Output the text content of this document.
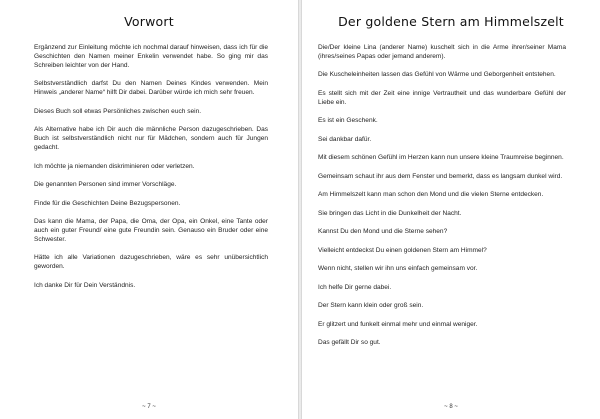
Vorwort

Ergänzend zur Einleitung möchte ich nochmal darauf hinweisen, dass ich für die Geschichten den Namen meiner Enkelin verwendet habe. So ging mir das Schreiben leichter von der Hand.

Selbstverständlich darfst Du den Namen Deines Kindes verwenden. Mein Hinweis „anderer Name“ hilft Dir dabei. Darüber würde ich mich sehr freuen.

Dieses Buch soll etwas Persönliches zwischen euch sein.

Als Alternative habe ich Dir auch die männliche Person dazugeschrieben. Das Buch ist selbstverständlich nicht nur für Mädchen, sondern auch für Jungen gedacht.

Ich möchte ja niemanden diskriminieren oder verletzen.

Die genannten Personen sind immer Vorschläge.

Finde für die Geschichten Deine Bezugspersonen.

Das kann die Mama, der Papa, die Oma, der Opa, ein Onkel, eine Tante oder auch ein guter Freund/ eine gute Freundin sein. Genauso ein Bruder oder eine Schwester.

Hätte ich alle Variationen dazugeschrieben, wäre es sehr unübersichtlich geworden.

Ich danke Dir für Dein Verständnis.

~ 7 ~
Der goldene Stern am Himmelszelt

Die/Der kleine Lina (anderer Name) kuschelt sich in die Arme ihrer/seiner Mama (ihres/seines Papas oder jemand anderem).

Die Kuscheleinheiten lassen das Gefühl von Wärme und Geborgenheit entstehen.

Es stellt sich mit der Zeit eine innige Vertrautheit und das wunderbare Gefühl der Liebe ein.

Es ist ein Geschenk.

Sei dankbar dafür.

Mit diesem schönen Gefühl im Herzen kann nun unsere kleine Traumreise beginnen.

Gemeinsam schaut ihr aus dem Fenster und bemerkt, dass es langsam dunkel wird.

Am Himmelszelt kann man schon den Mond und die vielen Sterne entdecken.

Sie bringen das Licht in die Dunkelheit der Nacht.

Kannst Du den Mond und die Sterne sehen?

Vielleicht entdeckst Du einen goldenen Stern am Himmel?

Wenn nicht, stellen wir ihn uns einfach gemeinsam vor.

Ich helfe Dir gerne dabei.

Der Stern kann klein oder groß sein.

Er glitzert und funkelt einmal mehr und einmal weniger.

Das gefällt Dir so gut.

~ 8 ~
